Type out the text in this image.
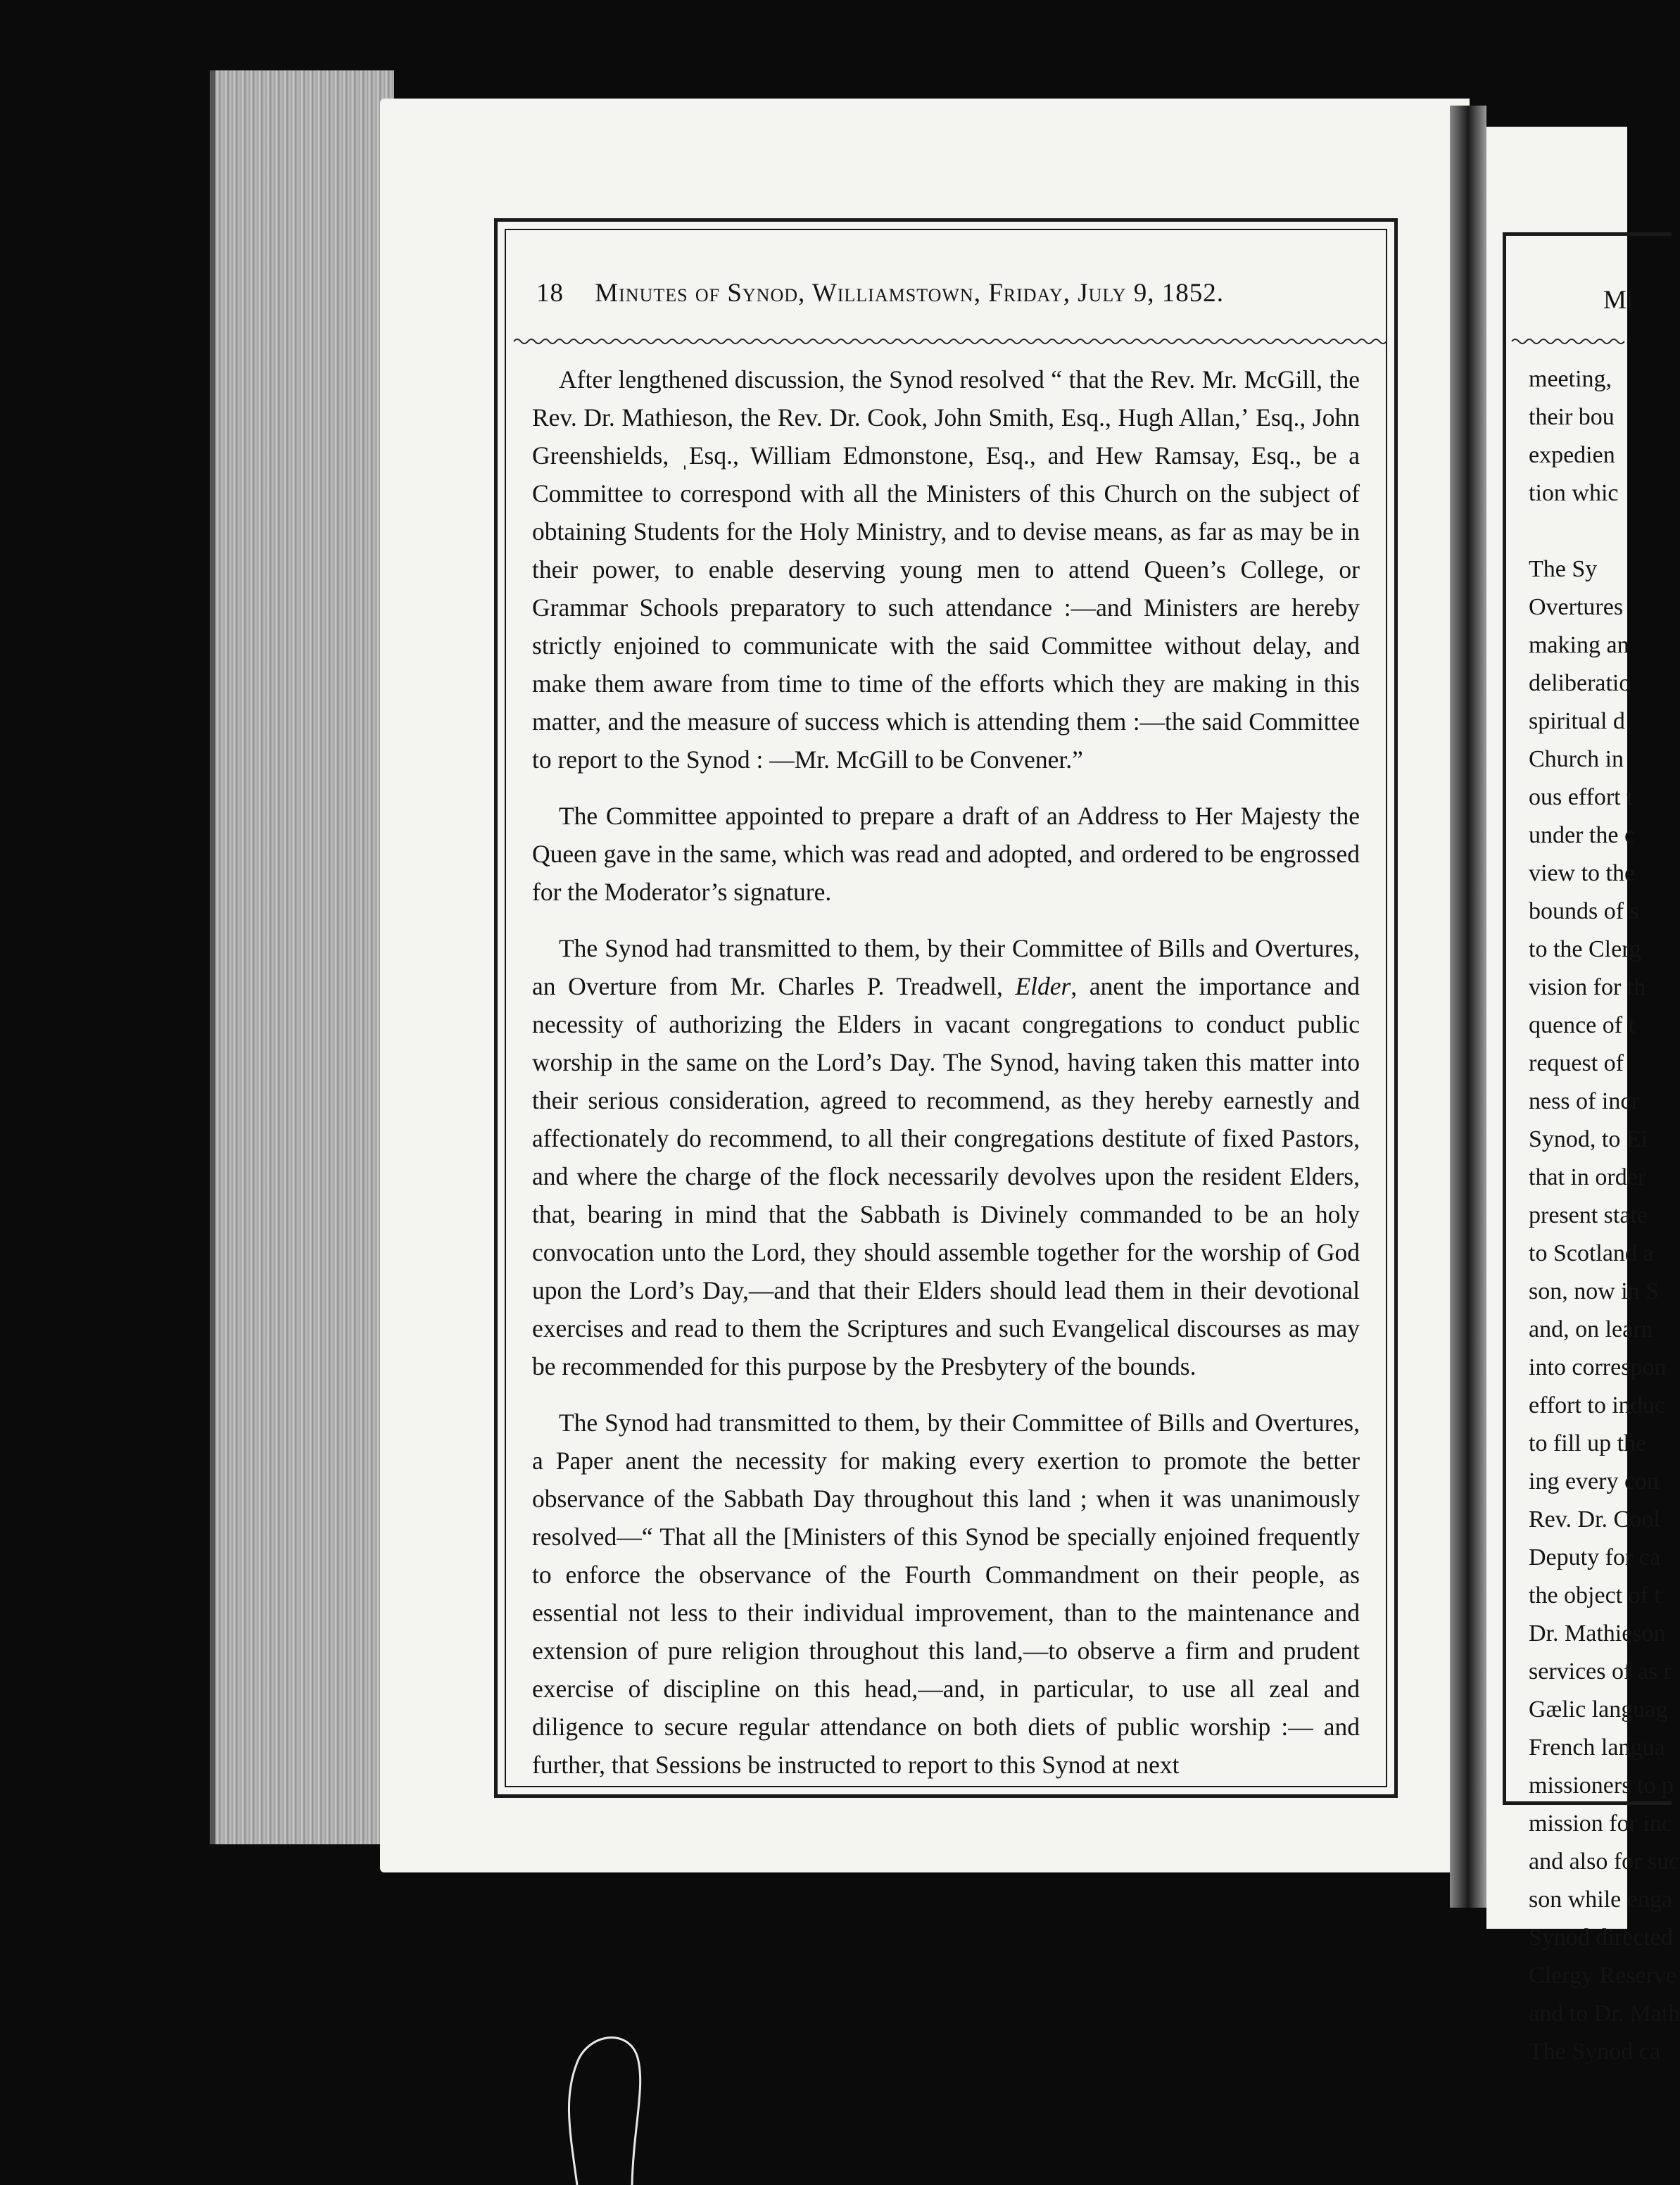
18 Minutes of Synod, Williamstown, Friday, July 9, 1852.

After lengthened discussion, the Synod resolved “ that the Rev. Mr. McGill, the Rev. Dr. Mathieson, the Rev. Dr. Cook, John Smith, Esq., Hugh Allan,ʼ Esq., John Greenshields, ˌEsq., William Edmonstone, Esq., and Hew Ramsay, Esq., be a Committee to correspond with all the Ministers of this Church on the subject of obtaining Students for the Holy Ministry, and to devise means, as far as may be in their power, to enable deserving young men to attend Queen’s College, or Grammar Schools preparatory to such attendance :—and Ministers are hereby strictly enjoined to communicate with the said Committee without delay, and make them aware from time to time of the efforts which they are making in this matter, and the measure of success which is attending them :—the said Committee to report to the Synod : —Mr. McGill to be Convener.”

The Committee appointed to prepare a draft of an Address to Her Majesty the Queen gave in the same, which was read and adopted, and ordered to be engrossed for the Moderator’s signature.

The Synod had transmitted to them, by their Committee of Bills and Overtures, an Overture from Mr. Charles P. Treadwell, Elder, anent the importance and necessity of authorizing the Elders in vacant congregations to conduct public worship in the same on the Lord’s Day. The Synod, having taken this matter into their serious consideration, agreed to recommend, as they hereby earnestly and affectionately do recommend, to all their congregations destitute of fixed Pastors, and where the charge of the flock necessarily devolves upon the resident Elders, that, bearing in mind that the Sabbath is Divinely commanded to be an holy convocation unto the Lord, they should assemble together for the worship of God upon the Lord’s Day,—and that their Elders should lead them in their devotional exercises and read to them the Scriptures and such Evangelical discourses as may be recommended for this purpose by the Presbytery of the bounds.

The Synod had transmitted to them, by their Committee of Bills and Overtures, a Paper anent the necessity for making every exertion to promote the better observance of the Sabbath Day throughout this land ; when it was unanimously resolved—“ That all the [Ministers of this Synod be specially enjoined frequently to enforce the observance of the Fourth Commandment on their people, as essential not less to their individual improvement, than to the maintenance and extension of pure religion throughout this land,—to observe a firm and prudent exercise of discipline on this head,—and, in particular, to use all zeal and diligence to secure regular attendance on both diets of public worship :— and further, that Sessions be instructed to report to this Synod at next

Mi
meeting,
their bou
expedien
tion whic
The Sy
Overtures
making an
deliberatio
spiritual d
Church in
ous effort t
under the c
view to the
bounds of s
to the Clerg
vision for th
quence of t
request of
ness of incr
Synod, to Ei
that in order
present state
to Scotland a
son, now in S
and, on learn
into correspon
effort to induc
to fill up the
ing every con
Rev. Dr. Cool
Deputy for ca
the object of t
Dr. Mathieson
services of as r
Gælic languag
French langua
missioners to p
mission for inc
and also for suc
son while enga
Synod directed
Clergy Reserve
and to Dr. Math
The Synod ca
